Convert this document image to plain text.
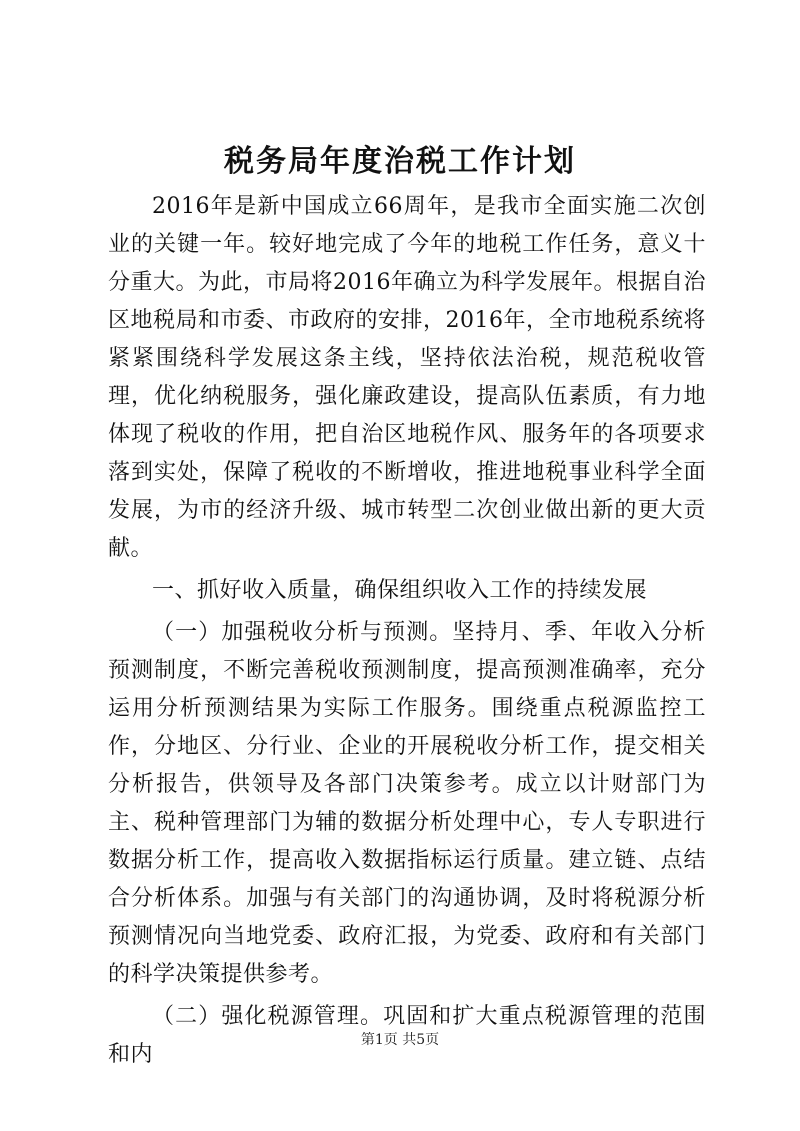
税务局年度治税工作计划

2016年是新中国成立66周年，是我市全面实施二次创业的关键一年。较好地完成了今年的地税工作任务，意义十分重大。为此，市局将2016年确立为科学发展年。根据自治区地税局和市委、市政府的安排，2016年，全市地税系统将紧紧围绕科学发展这条主线，坚持依法治税，规范税收管理，优化纳税服务，强化廉政建设，提高队伍素质，有力地体现了税收的作用，把自治区地税作风、服务年的各项要求落到实处，保障了税收的不断增收，推进地税事业科学全面发展，为市的经济升级、城市转型二次创业做出新的更大贡献。

一、抓好收入质量，确保组织收入工作的持续发展

（一）加强税收分析与预测。坚持月、季、年收入分析预测制度，不断完善税收预测制度，提高预测准确率，充分运用分析预测结果为实际工作服务。围绕重点税源监控工作，分地区、分行业、企业的开展税收分析工作，提交相关分析报告，供领导及各部门决策参考。成立以计财部门为主、税种管理部门为辅的数据分析处理中心，专人专职进行数据分析工作，提高收入数据指标运行质量。建立链、点结合分析体系。加强与有关部门的沟通协调，及时将税源分析预测情况向当地党委、政府汇报，为党委、政府和有关部门的科学决策提供参考。

（二）强化税源管理。巩固和扩大重点税源管理的范围和内

第1页 共5页
